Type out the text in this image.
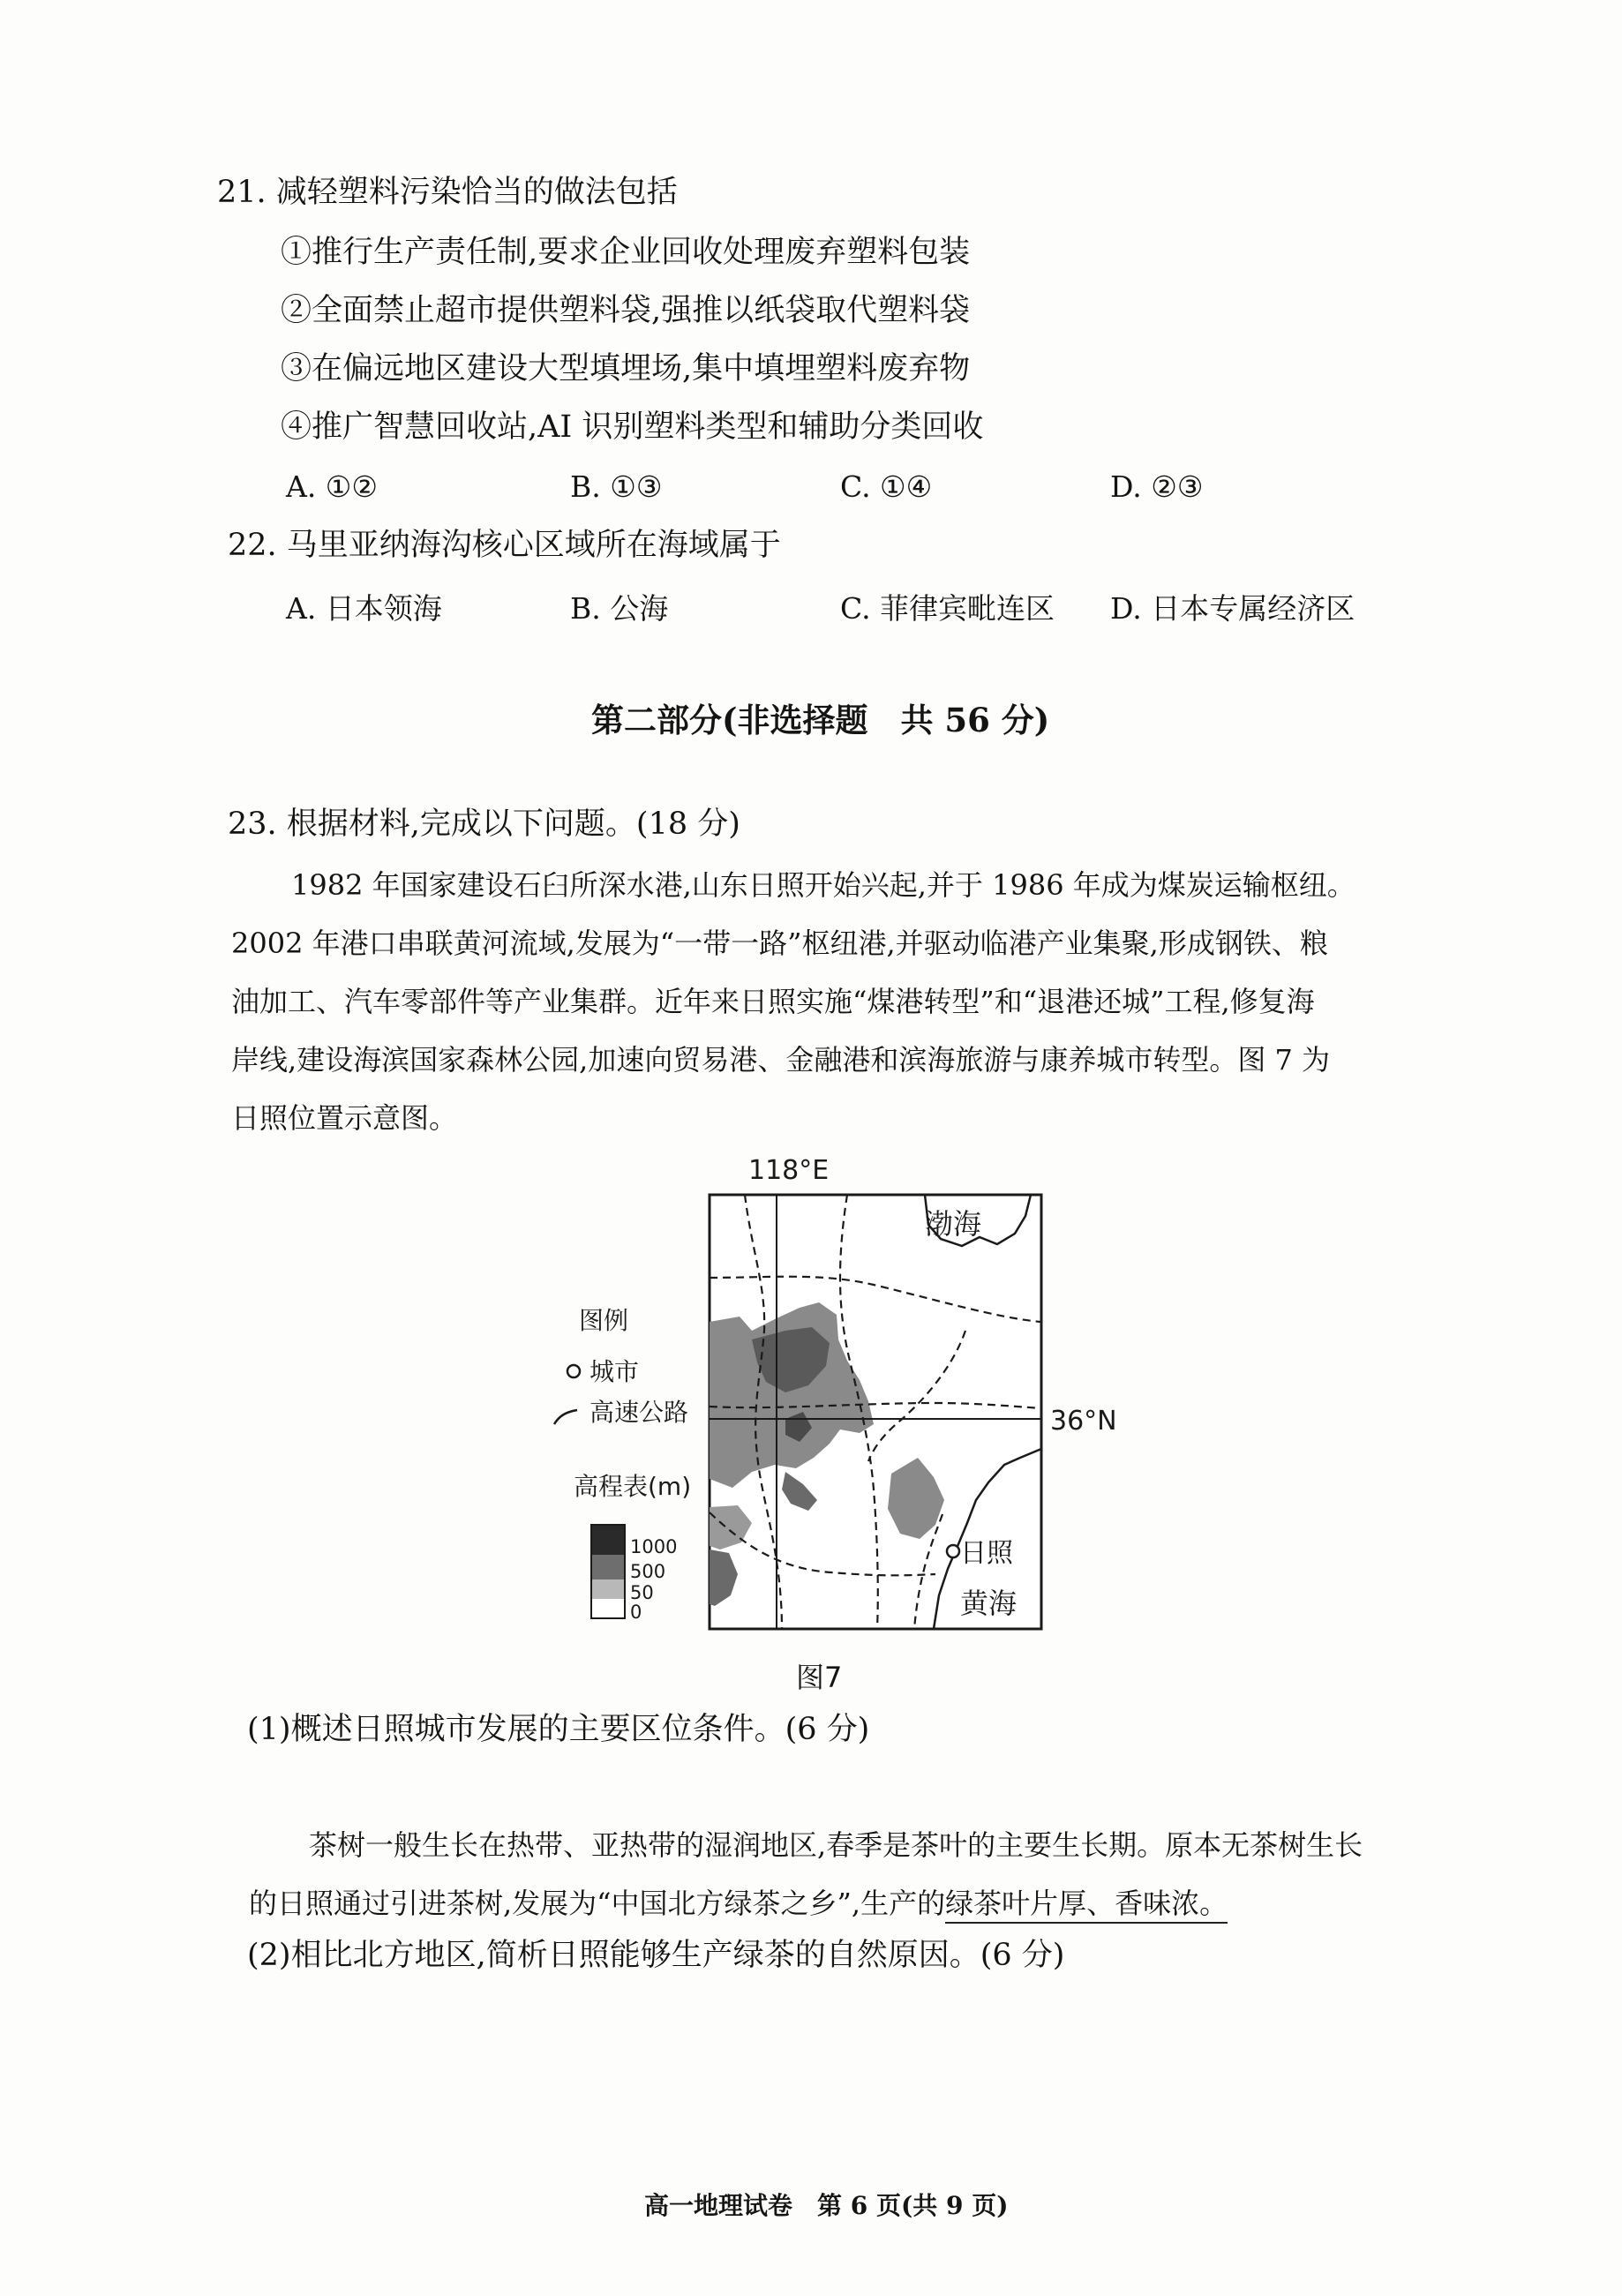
21. 减轻塑料污染恰当的做法包括
①推行生产责任制,要求企业回收处理废弃塑料包装
②全面禁止超市提供塑料袋,强推以纸袋取代塑料袋
③在偏远地区建设大型填埋场,集中填埋塑料废弃物
④推广智慧回收站,AI 识别塑料类型和辅助分类回收
A. ①②	B. ①③	C. ①④	D. ②③
22. 马里亚纳海沟核心区域所在海域属于
A. 日本领海	B. 公海	C. 菲律宾毗连区 D. 日本专属经济区
第二部分(非选择题　共 56 分)
23. 根据材料,完成以下问题。(18 分)
1982 年国家建设石臼所深水港,山东日照开始兴起,并于 1986 年成为煤炭运输枢纽。
2002 年港口串联黄河流域,发展为“一带一路”枢纽港,并驱动临港产业集聚,形成钢铁、粮
油加工、汽车零部件等产业集群。近年来日照实施“煤港转型”和“退港还城”工程,修复海
岸线,建设海滨国家森林公园,加速向贸易港、金融港和滨海旅游与康养城市转型。图 7 为
日照位置示意图。
118°E
36°N
日照
渤海
黄海
图例
城市
高速公路
高程表(m)
1000
500
50
0
图7
(1)概述日照城市发展的主要区位条件。(6 分)
茶树一般生长在热带、亚热带的湿润地区,春季是茶叶的主要生长期。原本无茶树生长
的日照通过引进茶树,发展为“中国北方绿茶之乡”,生产的绿茶叶片厚、香味浓。
(2)相比北方地区,简析日照能够生产绿茶的自然原因。(6 分)
高一地理试卷　第 6 页(共 9 页)
